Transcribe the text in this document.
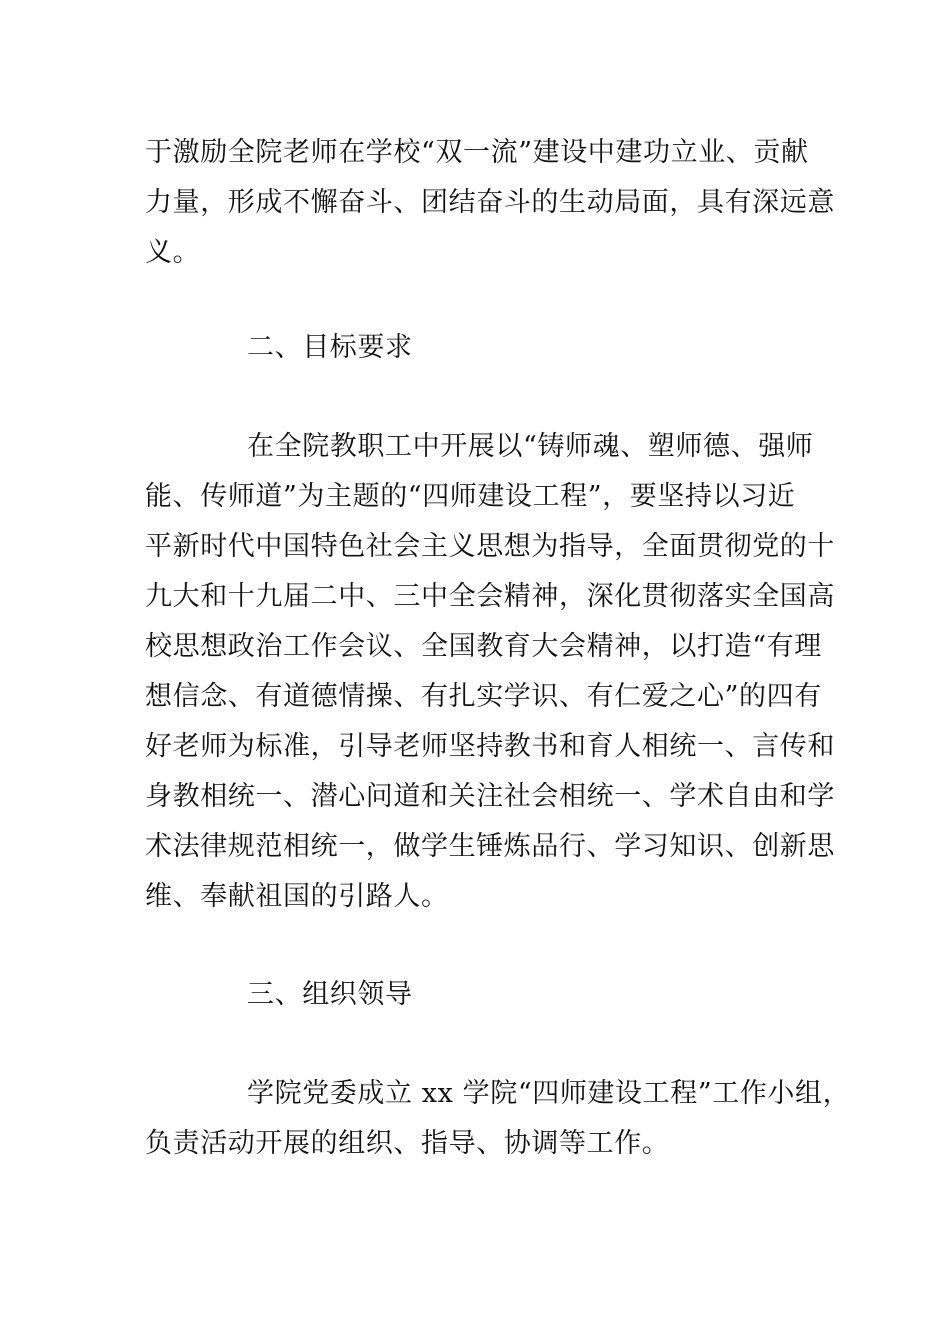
于激励全院老师在学校“双一流”建设中建功立业、贡献
力量，形成不懈奋斗、团结奋斗的生动局面，具有深远意
义。
二、目标要求
在全院教职工中开展以“铸师魂、塑师德、强师
能、传师道”为主题的“四师建设工程”，要坚持以习近
平新时代中国特色社会主义思想为指导，全面贯彻党的十
九大和十九届二中、三中全会精神，深化贯彻落实全国高
校思想政治工作会议、全国教育大会精神，以打造“有理
想信念、有道德情操、有扎实学识、有仁爱之心”的四有
好老师为标准，引导老师坚持教书和育人相统一、言传和
身教相统一、潜心问道和关注社会相统一、学术自由和学
术法律规范相统一，做学生锤炼品行、学习知识、创新思
维、奉献祖国的引路人。
三、组织领导
学院党委成立 xx 学院“四师建设工程”工作小组，
负责活动开展的组织、指导、协调等工作。
